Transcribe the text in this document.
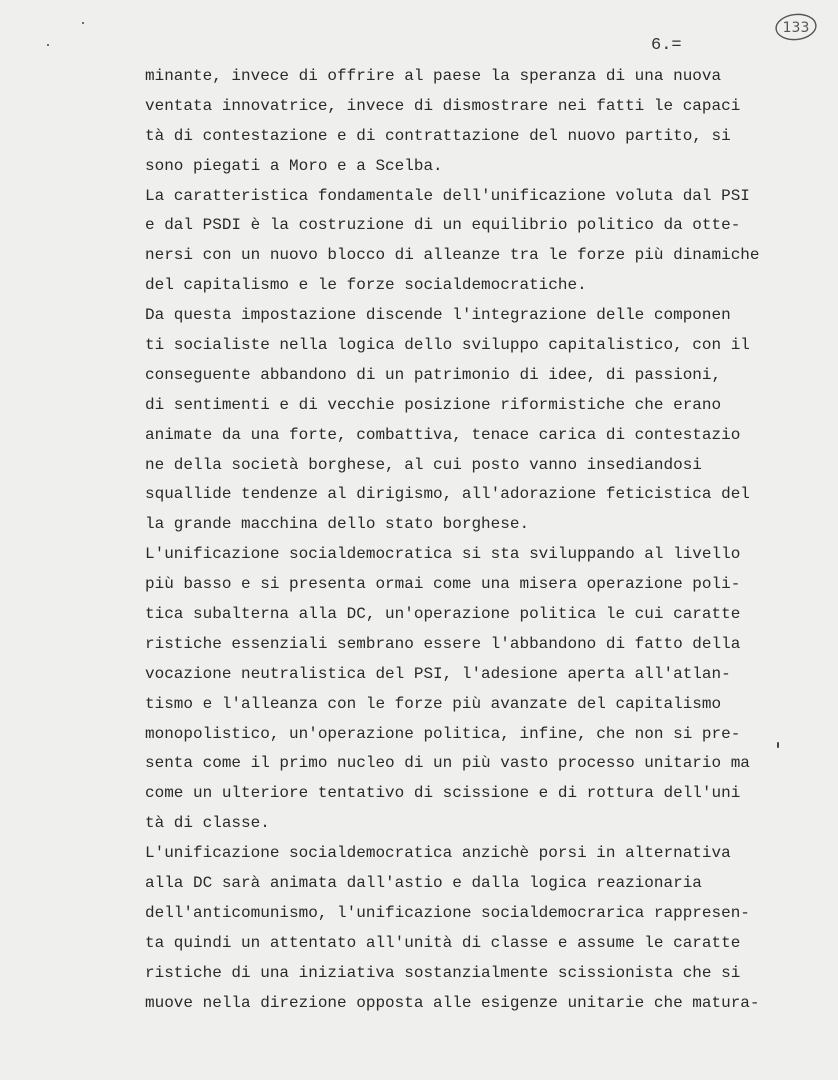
6.=

133
minante, invece di offrire al paese la speranza di una nuova
ventata innovatrice, invece di dismostrare nei fatti le capaci
tà di contestazione e di contrattazione del nuovo partito, si
sono piegati a Moro e a Scelba.
La caratteristica fondamentale dell'unificazione voluta dal PSI
e dal PSDI è la costruzione di un equilibrio politico da otte-
nersi con un nuovo blocco di alleanze tra le forze più dinamiche
del capitalismo e le forze socialdemocratiche.
Da questa impostazione discende l'integrazione delle componen
ti socialiste nella logica dello sviluppo capitalistico, con il
conseguente abbandono di un patrimonio di idee, di passioni,
di sentimenti e di vecchie posizione riformistiche che erano
animate da una forte, combattiva, tenace carica di contestazio
ne della società borghese, al cui posto vanno insediandosi
squallide tendenze al dirigismo, all'adorazione feticistica del
la grande macchina dello stato borghese.
L'unificazione socialdemocratica si sta sviluppando al livello
più basso e si presenta ormai come una misera operazione poli-
tica subalterna alla DC, un'operazione politica le cui caratte
ristiche essenziali sembrano essere l'abbandono di fatto della
vocazione neutralistica del PSI, l'adesione aperta all'atlan-
tismo e l'alleanza con le forze più avanzate del capitalismo
monopolistico, un'operazione politica, infine, che non si pre-
senta come il primo nucleo di un più vasto processo unitario ma
come un ulteriore tentativo di scissione e di rottura dell'uni
tà di classe.
L'unificazione socialdemocratica anzichè porsi in alternativa
alla DC sarà animata dall'astio e dalla logica reazionaria
dell'anticomunismo, l'unificazione socialdemocrarica rappresen-
ta quindi un attentato all'unità di classe e assume le caratte
ristiche di una iniziativa sostanzialmente scissionista che si
muove nella direzione opposta alle esigenze unitarie che matura-
